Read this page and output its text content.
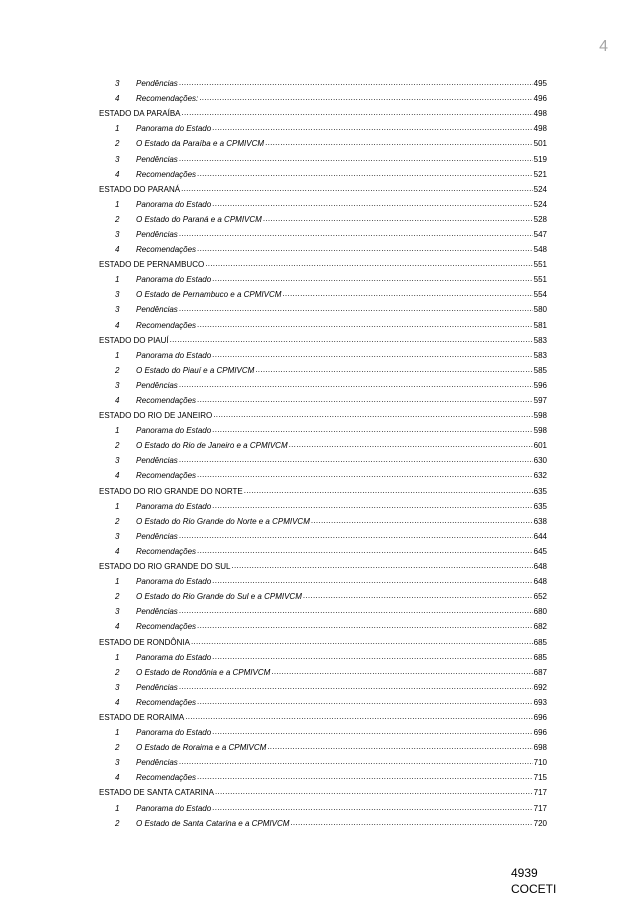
4
3	Pendências .....	495
4	Recomendações: .....	496
ESTADO DA PARAÍBA .....	498
1	Panorama do Estado .....	498
2	O Estado da Paraíba e a CPMIVCM .....	501
3	Pendências .....	519
4	Recomendações .....	521
ESTADO DO PARANÁ .....	524
1	Panorama do Estado .....	524
2	O Estado do Paraná e a CPMIVCM .....	528
3	Pendências .....	547
4	Recomendações .....	548
ESTADO DE PERNAMBUCO .....	551
1	Panorama do Estado .....	551
3	O Estado de Pernambuco e a CPMIVCM .....	554
3	Pendências .....	580
4	Recomendações .....	581
ESTADO DO PIAUÍ .....	583
1	Panorama do Estado .....	583
2	O Estado do Piauí e a CPMIVCM .....	585
3	Pendências .....	596
4	Recomendações .....	597
ESTADO DO RIO DE JANEIRO .....	598
1	Panorama do Estado .....	598
2	O Estado do Rio de Janeiro e a CPMIVCM .....	601
3	Pendências .....	630
4	Recomendações .....	632
ESTADO DO RIO GRANDE DO NORTE .....	635
1	Panorama do Estado .....	635
2	O Estado do Rio Grande do Norte e a CPMIVCM .....	638
3	Pendências .....	644
4	Recomendações .....	645
ESTADO DO RIO GRANDE DO SUL .....	648
1	Panorama do Estado .....	648
2	O Estado do Rio Grande do Sul e a CPMIVCM .....	652
3	Pendências .....	680
4	Recomendações .....	682
ESTADO DE RONDÔNIA .....	685
1	Panorama do Estado .....	685
2	O Estado de Rondônia e a CPMIVCM .....	687
3	Pendências .....	692
4	Recomendações .....	693
ESTADO DE RORAIMA .....	696
1	Panorama do Estado .....	696
2	O Estado de Roraima e a CPMIVCM .....	698
3	Pendências .....	710
4	Recomendações .....	715
ESTADO DE SANTA CATARINA .....	717
1	Panorama do Estado .....	717
2	O Estado de Santa Catarina e a CPMIVCM .....	720
4939
COCETI
